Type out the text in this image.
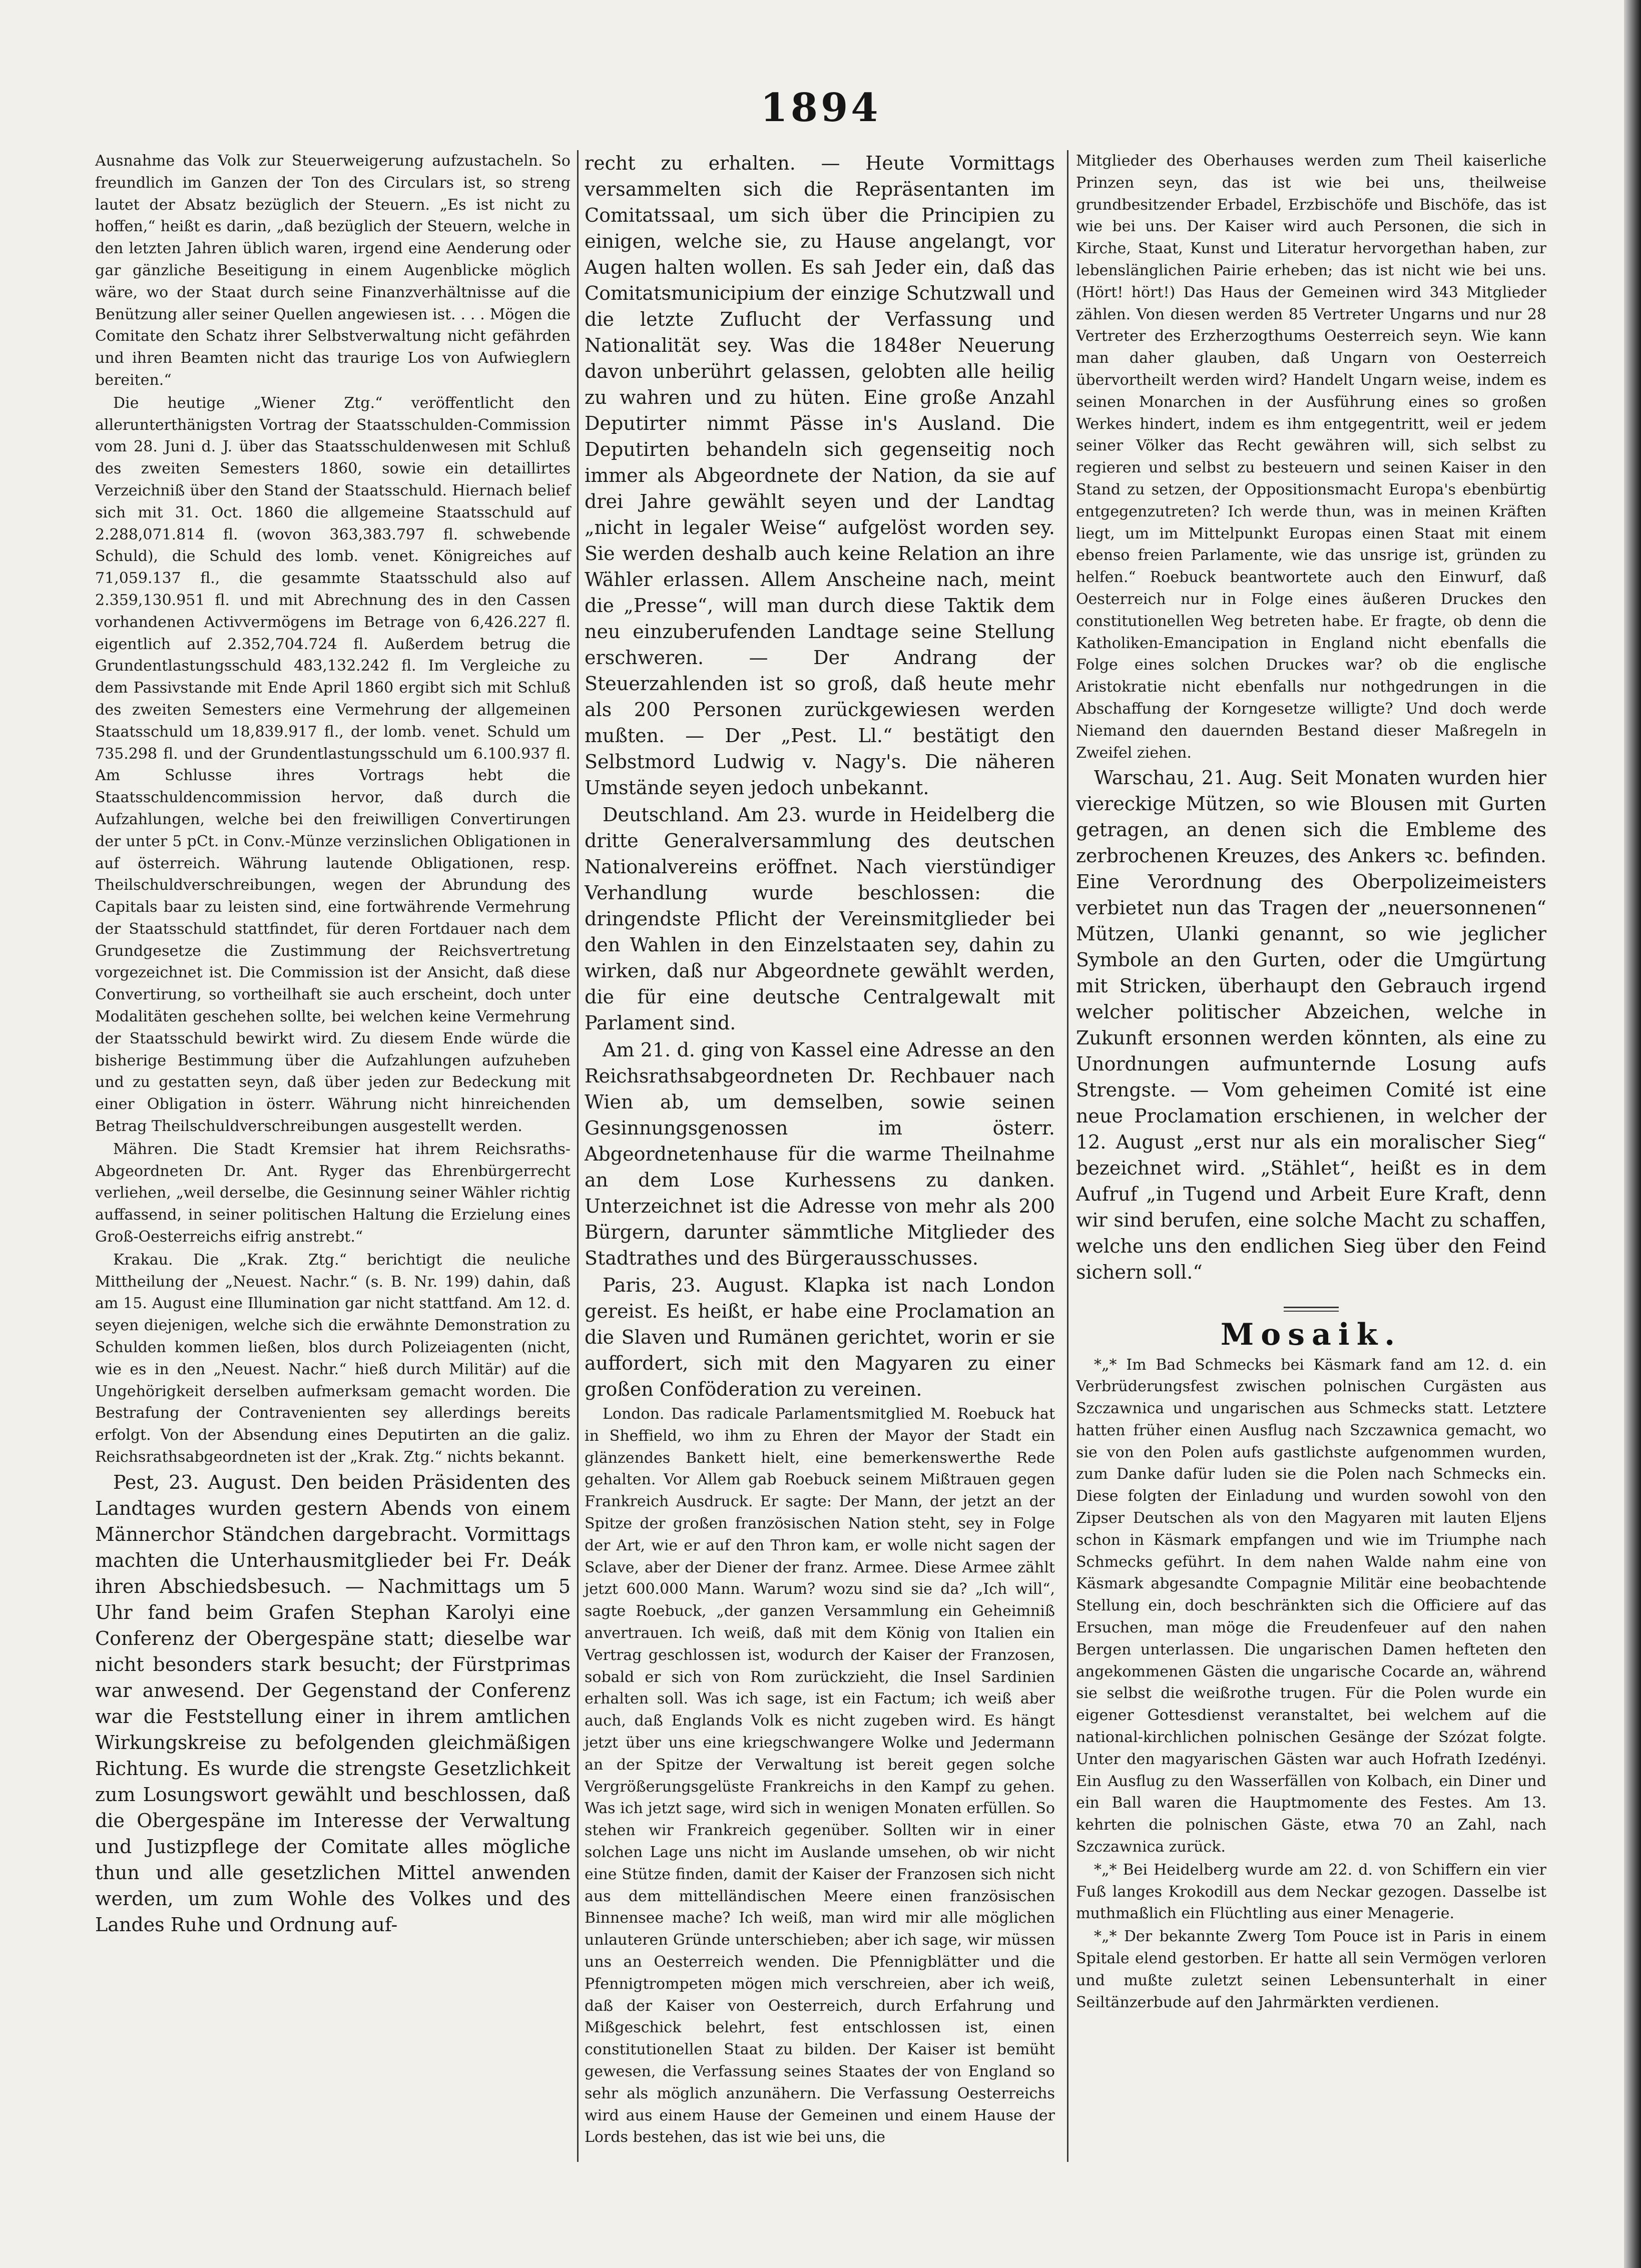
1894

Ausnahme das Volk zur Steuerweigerung aufzustacheln. So freundlich im Ganzen der Ton des Circulars ist, so streng lautet der Absatz bezüglich der Steuern. „Es ist nicht zu hoffen,“ heißt es darin, „daß bezüglich der Steuern, welche in den letzten Jahren üblich waren, irgend eine Aenderung oder gar gänzliche Beseitigung in einem Augenblicke möglich wäre, wo der Staat durch seine Finanzverhältnisse auf die Benützung aller seiner Quellen angewiesen ist. . . . Mögen die Comitate den Schatz ihrer Selbstverwaltung nicht gefährden und ihren Beamten nicht das traurige Los von Aufwieglern bereiten.“

Die heutige „Wiener Ztg.“ veröffentlicht den allerunterthänigsten Vortrag der Staatsschulden-Commission vom 28. Juni d. J. über das Staatsschuldenwesen mit Schluß des zweiten Semesters 1860, sowie ein detaillirtes Verzeichniß über den Stand der Staatsschuld. Hiernach belief sich mit 31. Oct. 1860 die allgemeine Staatsschuld auf 2.288,071.814 fl. (wovon 363,383.797 fl. schwebende Schuld), die Schuld des lomb. venet. Königreiches auf 71,059.137 fl., die gesammte Staatsschuld also auf 2.359,130.951 fl. und mit Abrechnung des in den Cassen vorhandenen Activvermögens im Betrage von 6,426.227 fl. eigentlich auf 2.352,704.724 fl. Außerdem betrug die Grundentlastungsschuld 483,132.242 fl. Im Vergleiche zu dem Passivstande mit Ende April 1860 ergibt sich mit Schluß des zweiten Semesters eine Vermehrung der allgemeinen Staatsschuld um 18,839.917 fl., der lomb. venet. Schuld um 735.298 fl. und der Grundentlastungsschuld um 6.100.937 fl. Am Schlusse ihres Vortrags hebt die Staatsschuldencommission hervor, daß durch die Aufzahlungen, welche bei den freiwilligen Convertirungen der unter 5 pCt. in Conv.-Münze verzinslichen Obligationen in auf österreich. Währung lautende Obligationen, resp. Theilschuldverschreibungen, wegen der Abrundung des Capitals baar zu leisten sind, eine fortwährende Vermehrung der Staatsschuld stattfindet, für deren Fortdauer nach dem Grundgesetze die Zustimmung der Reichsvertretung vorgezeichnet ist. Die Commission ist der Ansicht, daß diese Convertirung, so vortheilhaft sie auch erscheint, doch unter Modalitäten geschehen sollte, bei welchen keine Vermehrung der Staatsschuld bewirkt wird. Zu diesem Ende würde die bisherige Bestimmung über die Aufzahlungen aufzuheben und zu gestatten seyn, daß über jeden zur Bedeckung mit einer Obligation in österr. Währung nicht hinreichenden Betrag Theilschuldverschreibungen ausgestellt werden.

Mähren. Die Stadt Kremsier hat ihrem Reichsraths-Abgeordneten Dr. Ant. Ryger das Ehrenbürgerrecht verliehen, „weil derselbe, die Gesinnung seiner Wähler richtig auffassend, in seiner politischen Haltung die Erzielung eines Groß-Oesterreichs eifrig anstrebt.“

Krakau. Die „Krak. Ztg.“ berichtigt die neuliche Mittheilung der „Neuest. Nachr.“ (s. B. Nr. 199) dahin, daß am 15. August eine Illumination gar nicht stattfand. Am 12. d. seyen diejenigen, welche sich die erwähnte Demonstration zu Schulden kommen ließen, blos durch Polizeiagenten (nicht, wie es in den „Neuest. Nachr.“ hieß durch Militär) auf die Ungehörigkeit derselben aufmerksam gemacht worden. Die Bestrafung der Contravenienten sey allerdings bereits erfolgt. Von der Absendung eines Deputirten an die galiz. Reichsrathsabgeordneten ist der „Krak. Ztg.“ nichts bekannt.

Pest, 23. August. Den beiden Präsidenten des Landtages wurden gestern Abends von einem Männerchor Ständchen dargebracht. Vormittags machten die Unterhausmitglieder bei Fr. Deák ihren Abschiedsbesuch. — Nachmittags um 5 Uhr fand beim Grafen Stephan Karolyi eine Conferenz der Obergespäne statt; dieselbe war nicht besonders stark besucht; der Fürstprimas war anwesend. Der Gegenstand der Conferenz war die Feststellung einer in ihrem amtlichen Wirkungskreise zu befolgenden gleichmäßigen Richtung. Es wurde die strengste Gesetzlichkeit zum Losungswort gewählt und beschlossen, daß die Obergespäne im Interesse der Verwaltung und Justizpflege der Comitate alles mögliche thun und alle gesetzlichen Mittel anwenden werden, um zum Wohle des Volkes und des Landes Ruhe und Ordnung auf-

recht zu erhalten. — Heute Vormittags versammelten sich die Repräsentanten im Comitatssaal, um sich über die Principien zu einigen, welche sie, zu Hause angelangt, vor Augen halten wollen. Es sah Jeder ein, daß das Comitatsmunicipium der einzige Schutzwall und die letzte Zuflucht der Verfassung und Nationalität sey. Was die 1848er Neuerung davon unberührt gelassen, gelobten alle heilig zu wahren und zu hüten. Eine große Anzahl Deputirter nimmt Pässe in's Ausland. Die Deputirten behandeln sich gegenseitig noch immer als Abgeordnete der Nation, da sie auf drei Jahre gewählt seyen und der Landtag „nicht in legaler Weise“ aufgelöst worden sey. Sie werden deshalb auch keine Relation an ihre Wähler erlassen. Allem Anscheine nach, meint die „Presse“, will man durch diese Taktik dem neu einzuberufenden Landtage seine Stellung erschweren. — Der Andrang der Steuerzahlenden ist so groß, daß heute mehr als 200 Personen zurückgewiesen werden mußten. — Der „Pest. Ll.“ bestätigt den Selbstmord Ludwig v. Nagy's. Die näheren Umstände seyen jedoch unbekannt.

Deutschland. Am 23. wurde in Heidelberg die dritte Generalversammlung des deutschen Nationalvereins eröffnet. Nach vierstündiger Verhandlung wurde beschlossen: die dringendste Pflicht der Vereinsmitglieder bei den Wahlen in den Einzelstaaten sey, dahin zu wirken, daß nur Abgeordnete gewählt werden, die für eine deutsche Centralgewalt mit Parlament sind.

Am 21. d. ging von Kassel eine Adresse an den Reichsrathsabgeordneten Dr. Rechbauer nach Wien ab, um demselben, sowie seinen Gesinnungsgenossen im österr. Abgeordnetenhause für die warme Theilnahme an dem Lose Kurhessens zu danken. Unterzeichnet ist die Adresse von mehr als 200 Bürgern, darunter sämmtliche Mitglieder des Stadtrathes und des Bürgerausschusses.

Paris, 23. August. Klapka ist nach London gereist. Es heißt, er habe eine Proclamation an die Slaven und Rumänen gerichtet, worin er sie auffordert, sich mit den Magyaren zu einer großen Conföderation zu vereinen.

London. Das radicale Parlamentsmitglied M. Roebuck hat in Sheffield, wo ihm zu Ehren der Mayor der Stadt ein glänzendes Bankett hielt, eine bemerkenswerthe Rede gehalten. Vor Allem gab Roebuck seinem Mißtrauen gegen Frankreich Ausdruck. Er sagte: Der Mann, der jetzt an der Spitze der großen französischen Nation steht, sey in Folge der Art, wie er auf den Thron kam, er wolle nicht sagen der Sclave, aber der Diener der franz. Armee. Diese Armee zählt jetzt 600.000 Mann. Warum? wozu sind sie da? „Ich will“, sagte Roebuck, „der ganzen Versammlung ein Geheimniß anvertrauen. Ich weiß, daß mit dem König von Italien ein Vertrag geschlossen ist, wodurch der Kaiser der Franzosen, sobald er sich von Rom zurückzieht, die Insel Sardinien erhalten soll. Was ich sage, ist ein Factum; ich weiß aber auch, daß Englands Volk es nicht zugeben wird. Es hängt jetzt über uns eine kriegschwangere Wolke und Jedermann an der Spitze der Verwaltung ist bereit gegen solche Vergrößerungsgelüste Frankreichs in den Kampf zu gehen. Was ich jetzt sage, wird sich in wenigen Monaten erfüllen. So stehen wir Frankreich gegenüber. Sollten wir in einer solchen Lage uns nicht im Auslande umsehen, ob wir nicht eine Stütze finden, damit der Kaiser der Franzosen sich nicht aus dem mittelländischen Meere einen französischen Binnensee mache? Ich weiß, man wird mir alle möglichen unlauteren Gründe unterschieben; aber ich sage, wir müssen uns an Oesterreich wenden. Die Pfennigblätter und die Pfennigtrompeten mögen mich verschreien, aber ich weiß, daß der Kaiser von Oesterreich, durch Erfahrung und Mißgeschick belehrt, fest entschlossen ist, einen constitutionellen Staat zu bilden. Der Kaiser ist bemüht gewesen, die Verfassung seines Staates der von England so sehr als möglich anzunähern. Die Verfassung Oesterreichs wird aus einem Hause der Gemeinen und einem Hause der Lords bestehen, das ist wie bei uns, die

Mitglieder des Oberhauses werden zum Theil kaiserliche Prinzen seyn, das ist wie bei uns, theilweise grundbesitzender Erbadel, Erzbischöfe und Bischöfe, das ist wie bei uns. Der Kaiser wird auch Personen, die sich in Kirche, Staat, Kunst und Literatur hervorgethan haben, zur lebenslänglichen Pairie erheben; das ist nicht wie bei uns. (Hört! hört!) Das Haus der Gemeinen wird 343 Mitglieder zählen. Von diesen werden 85 Vertreter Ungarns und nur 28 Vertreter des Erzherzogthums Oesterreich seyn. Wie kann man daher glauben, daß Ungarn von Oesterreich übervortheilt werden wird? Handelt Ungarn weise, indem es seinen Monarchen in der Ausführung eines so großen Werkes hindert, indem es ihm entgegentritt, weil er jedem seiner Völker das Recht gewähren will, sich selbst zu regieren und selbst zu besteuern und seinen Kaiser in den Stand zu setzen, der Oppositionsmacht Europa's ebenbürtig entgegenzutreten? Ich werde thun, was in meinen Kräften liegt, um im Mittelpunkt Europas einen Staat mit einem ebenso freien Parlamente, wie das unsrige ist, gründen zu helfen.“ Roebuck beantwortete auch den Einwurf, daß Oesterreich nur in Folge eines äußeren Druckes den constitutionellen Weg betreten habe. Er fragte, ob denn die Katholiken-Emancipation in England nicht ebenfalls die Folge eines solchen Druckes war? ob die englische Aristokratie nicht ebenfalls nur nothgedrungen in die Abschaffung der Korngesetze willigte? Und doch werde Niemand den dauernden Bestand dieser Maßregeln in Zweifel ziehen.

Warschau, 21. Aug. Seit Monaten wurden hier viereckige Mützen, so wie Blousen mit Gurten getragen, an denen sich die Embleme des zerbrochenen Kreuzes, des Ankers ꝛc. befinden. Eine Verordnung des Oberpolizeimeisters verbietet nun das Tragen der „neuersonnenen“ Mützen, Ulanki genannt, so wie jeglicher Symbole an den Gurten, oder die Umgürtung mit Stricken, überhaupt den Gebrauch irgend welcher politischer Abzeichen, welche in Zukunft ersonnen werden könnten, als eine zu Unordnungen aufmunternde Losung aufs Strengste. — Vom geheimen Comité ist eine neue Proclamation erschienen, in welcher der 12. August „erst nur als ein moralischer Sieg“ bezeichnet wird. „Stählet“, heißt es in dem Aufruf „in Tugend und Arbeit Eure Kraft, denn wir sind berufen, eine solche Macht zu schaffen, welche uns den endlichen Sieg über den Feind sichern soll.“

Mosaik.

*„* Im Bad Schmecks bei Käsmark fand am 12. d. ein Verbrüderungsfest zwischen polnischen Curgästen aus Szczawnica und ungarischen aus Schmecks statt. Letztere hatten früher einen Ausflug nach Szczawnica gemacht, wo sie von den Polen aufs gastlichste aufgenommen wurden, zum Danke dafür luden sie die Polen nach Schmecks ein. Diese folgten der Einladung und wurden sowohl von den Zipser Deutschen als von den Magyaren mit lauten Eljens schon in Käsmark empfangen und wie im Triumphe nach Schmecks geführt. In dem nahen Walde nahm eine von Käsmark abgesandte Compagnie Militär eine beobachtende Stellung ein, doch beschränkten sich die Officiere auf das Ersuchen, man möge die Freudenfeuer auf den nahen Bergen unterlassen. Die ungarischen Damen hefteten den angekommenen Gästen die ungarische Cocarde an, während sie selbst die weißrothe trugen. Für die Polen wurde ein eigener Gottesdienst veranstaltet, bei welchem auf die national-kirchlichen polnischen Gesänge der Szózat folgte. Unter den magyarischen Gästen war auch Hofrath Izedényi. Ein Ausflug zu den Wasserfällen von Kolbach, ein Diner und ein Ball waren die Hauptmomente des Festes. Am 13. kehrten die polnischen Gäste, etwa 70 an Zahl, nach Szczawnica zurück.

*„* Bei Heidelberg wurde am 22. d. von Schiffern ein vier Fuß langes Krokodill aus dem Neckar gezogen. Dasselbe ist muthmaßlich ein Flüchtling aus einer Menagerie.

*„* Der bekannte Zwerg Tom Pouce ist in Paris in einem Spitale elend gestorben. Er hatte all sein Vermögen verloren und mußte zuletzt seinen Lebensunterhalt in einer Seiltänzerbude auf den Jahrmärkten verdienen.
